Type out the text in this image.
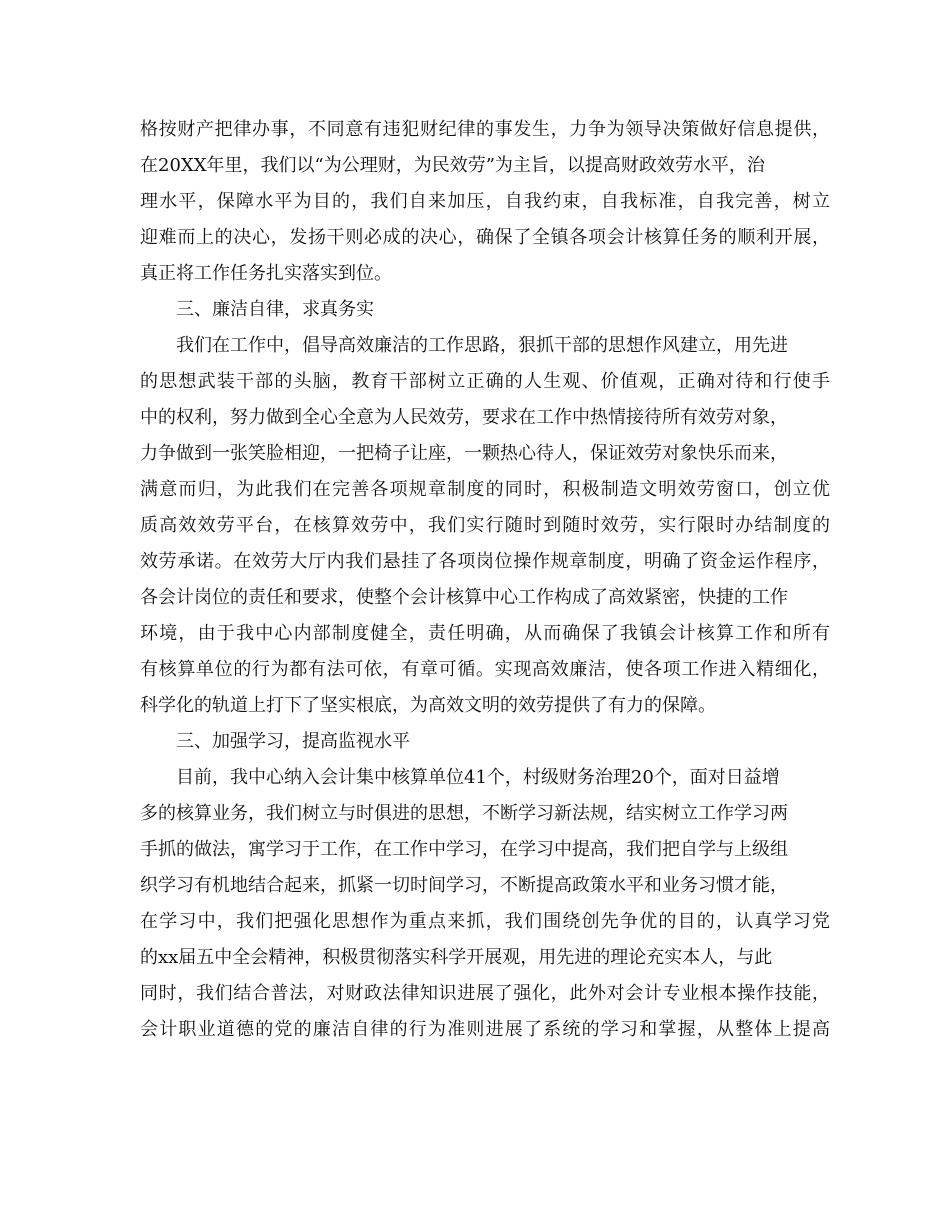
格按财产把律办事，不同意有违犯财纪律的事发生，力争为领导决策做好信息提供，
在20XX年里，我们以“为公理财，为民效劳”为主旨，以提高财政效劳水平，治
理水平，保障水平为目的，我们自来加压，自我约束，自我标准，自我完善，树立
迎难而上的决心，发扬干则必成的决心，确保了全镇各项会计核算任务的顺利开展，
真正将工作任务扎实落实到位。
三、廉洁自律，求真务实
我们在工作中，倡导高效廉洁的工作思路，狠抓干部的思想作风建立，用先进
的思想武装干部的头脑，教育干部树立正确的人生观、价值观，正确对待和行使手
中的权利，努力做到全心全意为人民效劳，要求在工作中热情接待所有效劳对象，
力争做到一张笑脸相迎，一把椅子让座，一颗热心待人，保证效劳对象快乐而来，
满意而归，为此我们在完善各项规章制度的同时，积极制造文明效劳窗口，创立优
质高效效劳平台，在核算效劳中，我们实行随时到随时效劳，实行限时办结制度的
效劳承诺。在效劳大厅内我们悬挂了各项岗位操作规章制度，明确了资金运作程序，
各会计岗位的责任和要求，使整个会计核算中心工作构成了高效紧密，快捷的工作
环境，由于我中心内部制度健全，责任明确，从而确保了我镇会计核算工作和所有
有核算单位的行为都有法可依，有章可循。实现高效廉洁，使各项工作进入精细化，
科学化的轨道上打下了坚实根底，为高效文明的效劳提供了有力的保障。
三、加强学习，提高监视水平
目前，我中心纳入会计集中核算单位41个，村级财务治理20个，面对日益增
多的核算业务，我们树立与时俱进的思想，不断学习新法规，结实树立工作学习两
手抓的做法，寓学习于工作，在工作中学习，在学习中提高，我们把自学与上级组
织学习有机地结合起来，抓紧一切时间学习，不断提高政策水平和业务习惯才能，
在学习中，我们把强化思想作为重点来抓，我们围绕创先争优的目的，认真学习党
的xx届五中全会精神，积极贯彻落实科学开展观，用先进的理论充实本人，与此
同时，我们结合普法，对财政法律知识进展了强化，此外对会计专业根本操作技能，
会计职业道德的党的廉洁自律的行为准则进展了系统的学习和掌握，从整体上提高
